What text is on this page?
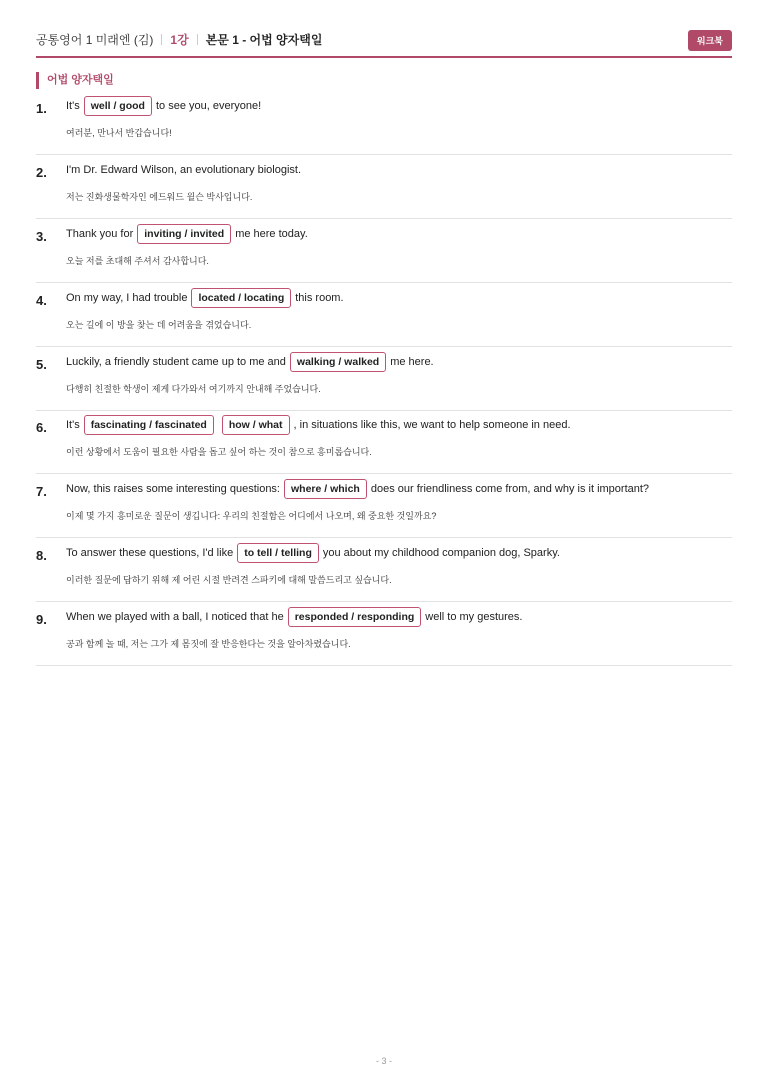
공통영어 1 미래엔 (김) 1강 본문 1 - 어법 양자택일	워크북
어법 양자택일
1. It's	well / good	to see you, everyone!
여러분, 만나서 반갑습니다!
2. I'm Dr. Edward Wilson, an evolutionary biologist.
저는 진화생물학자인 에드워드 윌슨 박사입니다.
3. Thank you for	inviting / invited	me here today.
오늘 저를 초대해 주셔서 감사합니다.
4. On my way, I had trouble	located / locating	this room.
오는 길에 이 방을 찾는 데 어려움을 겪었습니다.
5. Luckily, a friendly student came up to me and	walking / walked	me here.
다행히 친절한 학생이 제게 다가와서 여기까지 안내해 주었습니다.
6. It's	fascinating / fascinated	how / what	, in situations like this, we want to help someone in need.
이런 상황에서 도움이 필요한 사람을 돕고 싶어 하는 것이 참으로 흥미롭습니다.
7. Now, this raises some interesting questions:	where / which	does our friendliness come from, and why is it important?
이제 몇 가지 흥미로운 질문이 생깁니다: 우리의 친절함은 어디에서 나오며, 왜 중요한 것일까요?
8. To answer these questions, I'd like	to tell / telling	you about my childhood companion dog, Sparky.
이러한 질문에 답하기 위해 제 어린 시절 반려견 스파키에 대해 말씀드리고 싶습니다.
9. When we played with a ball, I noticed that he	responded / responding	well to my gestures.
공과 함께 놀 때, 저는 그가 제 몸짓에 잘 반응한다는 것을 알아차렸습니다.
- 3 -
